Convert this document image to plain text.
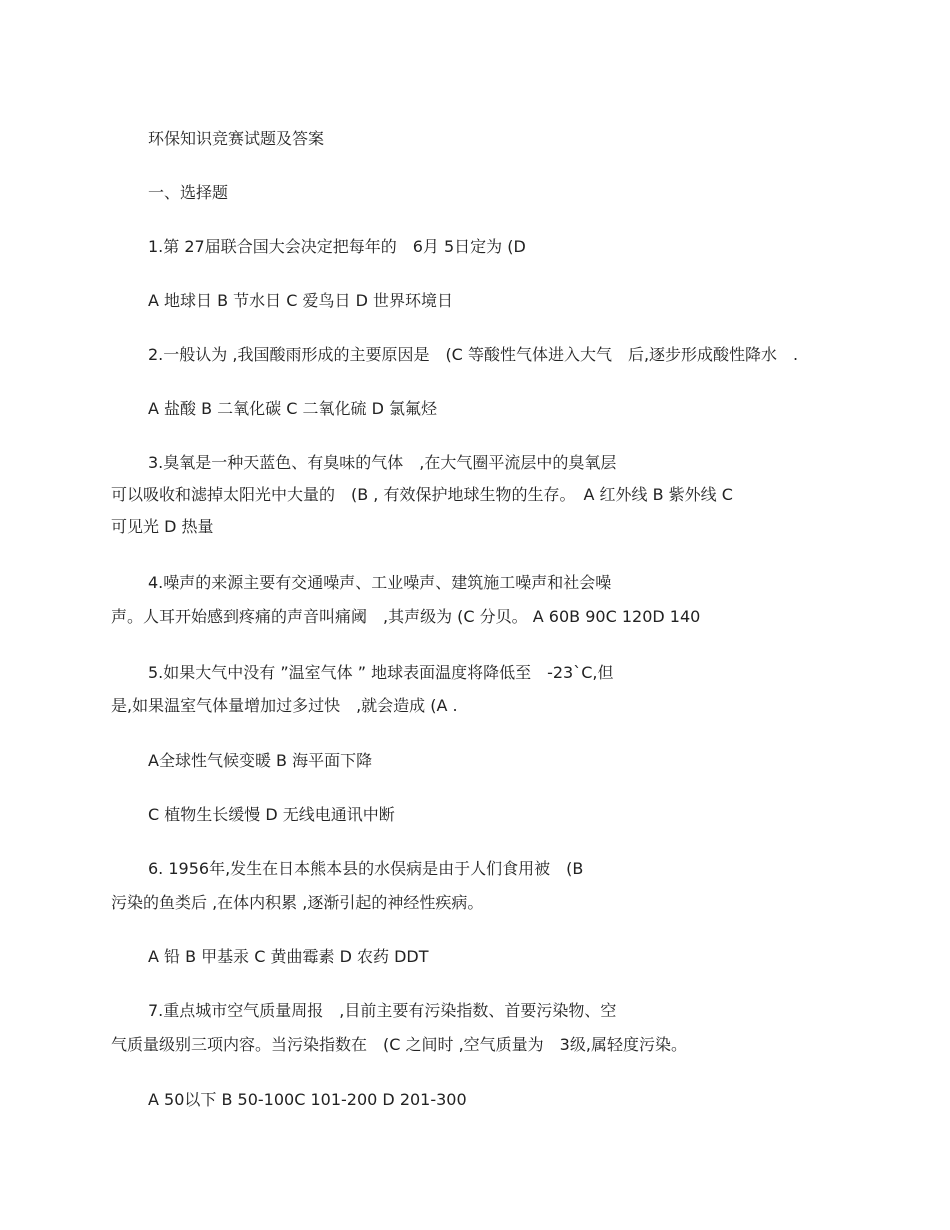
环保知识竞赛试题及答案
一、选择题
1.第 27届联合国大会决定把每年的　6月 5日定为 (D
A 地球日 B 节水日 C 爱鸟日 D 世界环境日
2.一般认为 ,我国酸雨形成的主要原因是　(C 等酸性气体进入大气　后,逐步形成酸性降水　.
A 盐酸 B 二氧化碳 C 二氧化硫 D 氯氟烃
3.臭氧是一种天蓝色、有臭味的气体　,在大气圈平流层中的臭氧层
可以吸收和滤掉太阳光中大量的　(B , 有效保护地球生物的生存。　A 红外线 B 紫外线 C
可见光 D 热量
4.噪声的来源主要有交通噪声、工业噪声、建筑施工噪声和社会噪
声。人耳开始感到疼痛的声音叫痛阈　,其声级为 (C 分贝。 A 60B 90C 120D 140
5.如果大气中没有 ”温室气体 ” 地球表面温度将降低至　-23`C,但
是,如果温室气体量增加过多过快　,就会造成 (A .
A全球性气候变暖 B 海平面下降
C 植物生长缓慢 D 无线电通讯中断
6. 1956年,发生在日本熊本县的水俣病是由于人们食用被　(B
污染的鱼类后 ,在体内积累 ,逐渐引起的神经性疾病。
A 铅 B 甲基汞 C 黄曲霉素 D 农药 DDT
7.重点城市空气质量周报　,目前主要有污染指数、首要污染物、空
气质量级别三项内容。当污染指数在　(C 之间时 ,空气质量为　3级,属轻度污染。
A 50以下 B 50-100C 101-200 D 201-300
